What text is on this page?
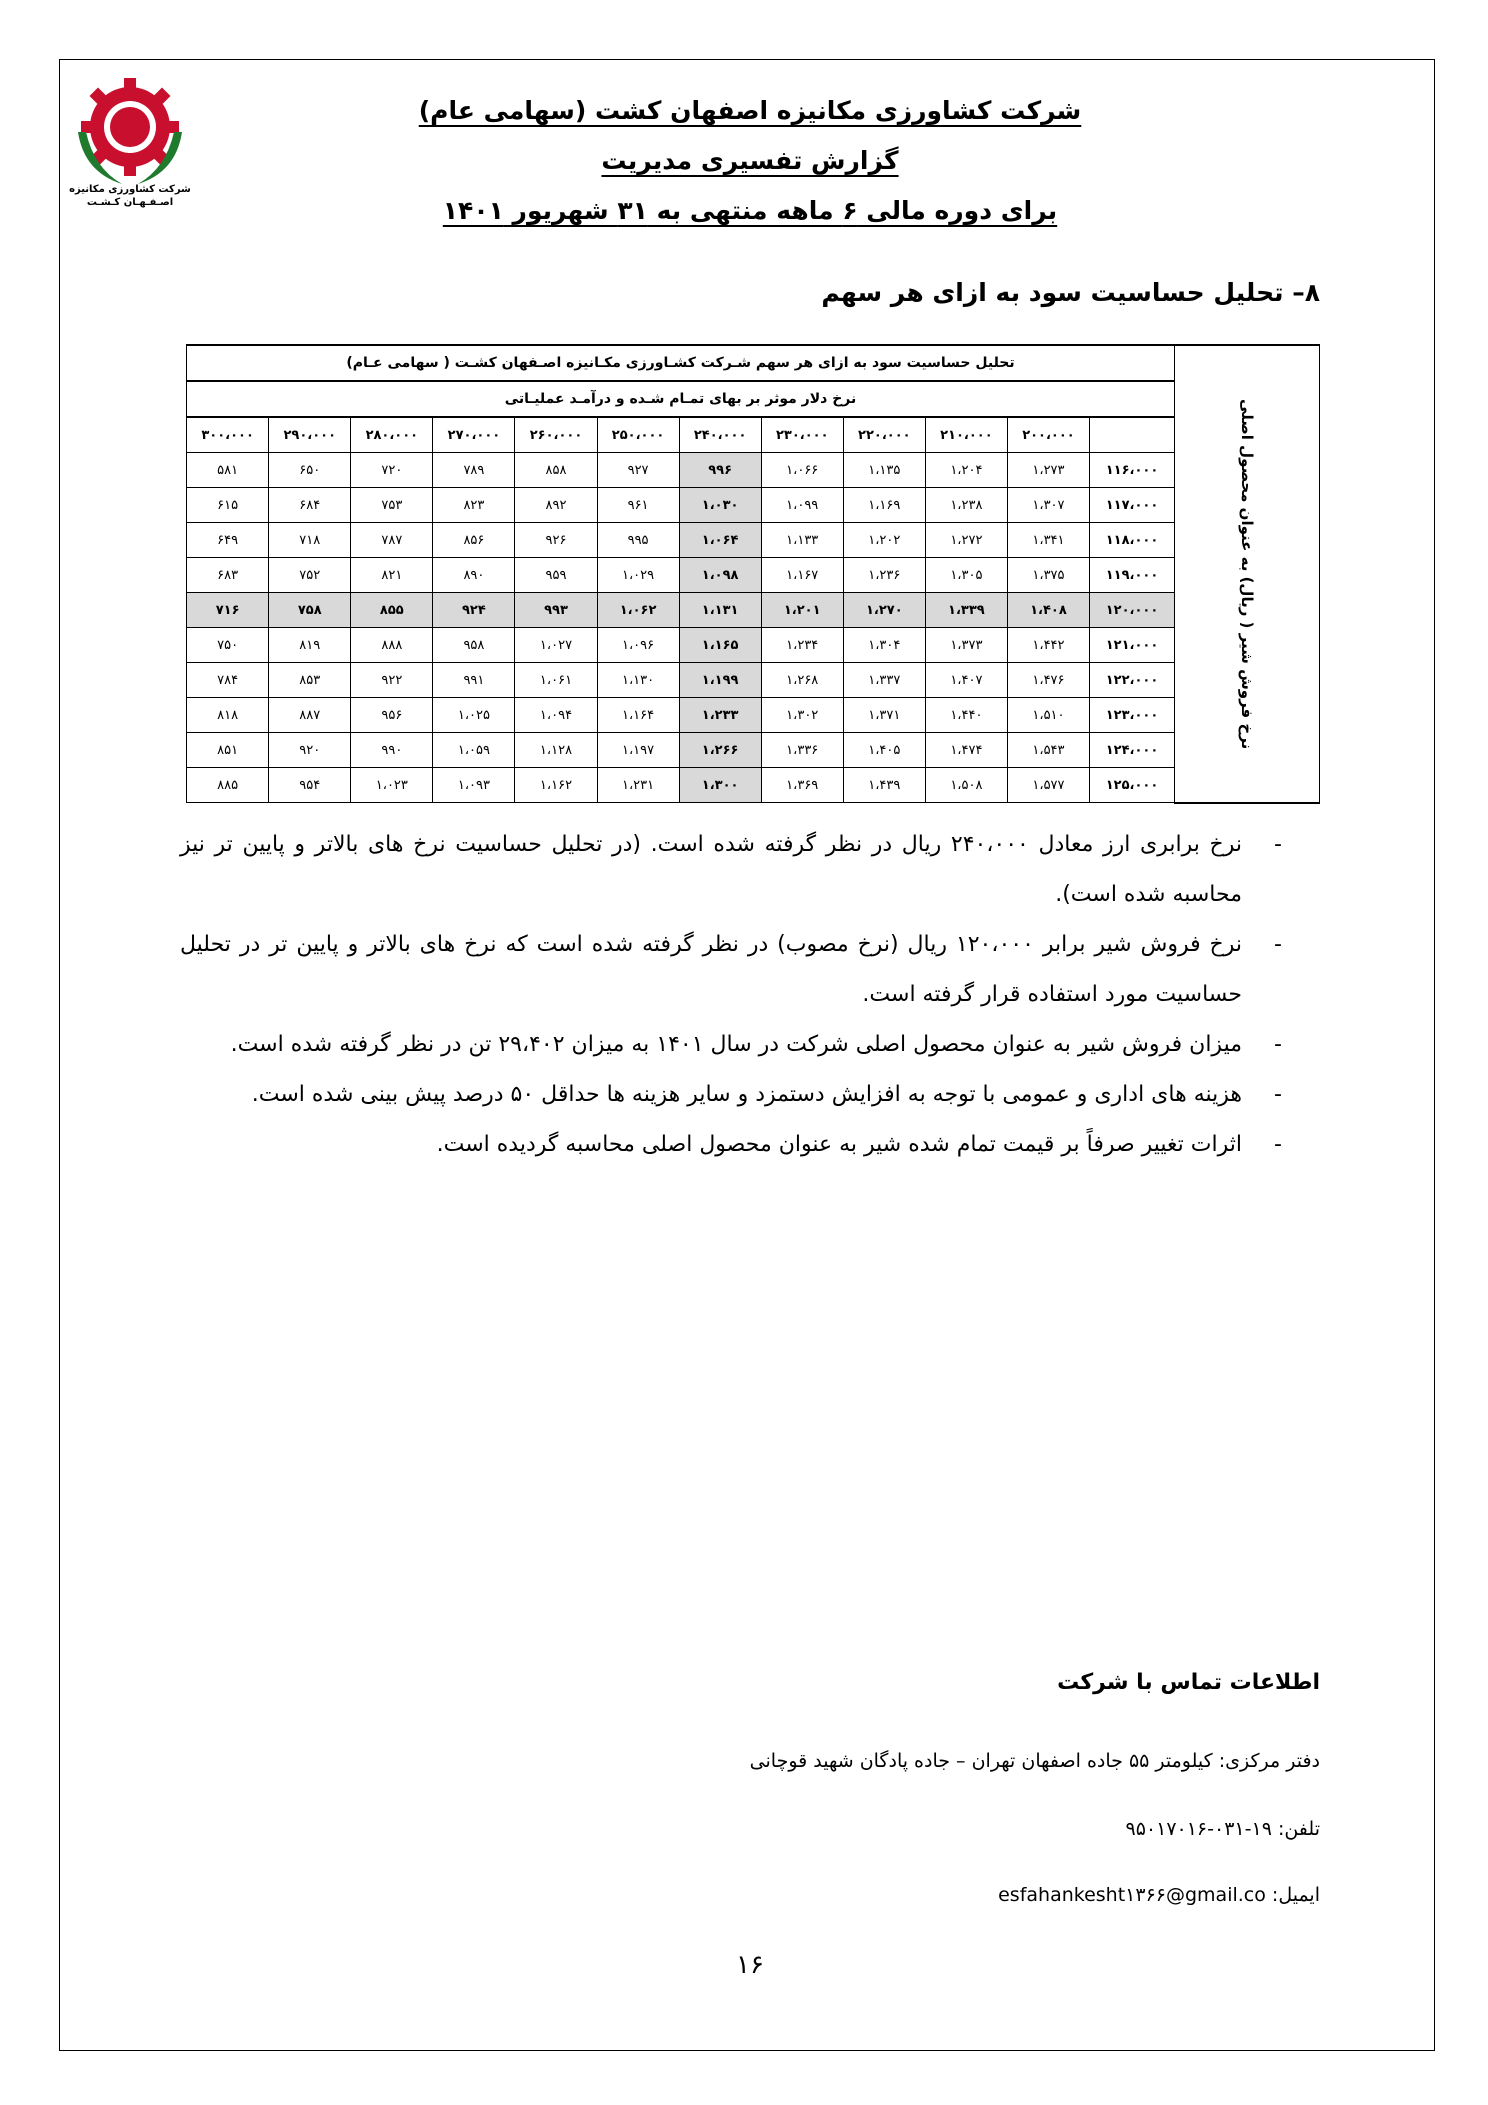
شرکت کشاورزی مکانیزه
اصـفـهـان کـشـت
شرکت کشاورزی مکانیزه اصفهان کشت (سهامی عام)
گزارش تفسیری مدیریت
برای دوره مالی ۶ ماهه منتهی به ۳۱ شهریور ۱۴۰۱
۸– تحلیل حساسیت سود به ازای هر سهم
نرخ فروش شیر ( ریال) به عنوان محصول اصلی	تحلیل حساسیت سود به ازای هر سهم شـرکت کشـاورزی مکـانیزه اصـفهان کشـت ( سهامی عـام)											
	نرخ دلار موثر بر بهای تمـام شـده و درآمـد عملیـاتی											
		۲۰۰،۰۰۰	۲۱۰،۰۰۰	۲۲۰،۰۰۰	۲۳۰،۰۰۰	۲۴۰،۰۰۰	۲۵۰،۰۰۰	۲۶۰،۰۰۰	۲۷۰،۰۰۰	۲۸۰،۰۰۰	۲۹۰،۰۰۰	۳۰۰،۰۰۰
	۱۱۶،۰۰۰	۱،۲۷۳	۱،۲۰۴	۱،۱۳۵	۱،۰۶۶	۹۹۶	۹۲۷	۸۵۸	۷۸۹	۷۲۰	۶۵۰	۵۸۱
	۱۱۷،۰۰۰	۱،۳۰۷	۱،۲۳۸	۱،۱۶۹	۱،۰۹۹	۱،۰۳۰	۹۶۱	۸۹۲	۸۲۳	۷۵۳	۶۸۴	۶۱۵
	۱۱۸،۰۰۰	۱،۳۴۱	۱،۲۷۲	۱،۲۰۲	۱،۱۳۳	۱،۰۶۴	۹۹۵	۹۲۶	۸۵۶	۷۸۷	۷۱۸	۶۴۹
	۱۱۹،۰۰۰	۱،۳۷۵	۱،۳۰۵	۱،۲۳۶	۱،۱۶۷	۱،۰۹۸	۱،۰۲۹	۹۵۹	۸۹۰	۸۲۱	۷۵۲	۶۸۳
	۱۲۰،۰۰۰	۱،۴۰۸	۱،۳۳۹	۱،۲۷۰	۱،۲۰۱	۱،۱۳۱	۱،۰۶۲	۹۹۳	۹۲۴	۸۵۵	۷۵۸	۷۱۶
	۱۲۱،۰۰۰	۱،۴۴۲	۱،۳۷۳	۱،۳۰۴	۱،۲۳۴	۱،۱۶۵	۱،۰۹۶	۱،۰۲۷	۹۵۸	۸۸۸	۸۱۹	۷۵۰
	۱۲۲،۰۰۰	۱،۴۷۶	۱،۴۰۷	۱،۳۳۷	۱،۲۶۸	۱،۱۹۹	۱،۱۳۰	۱،۰۶۱	۹۹۱	۹۲۲	۸۵۳	۷۸۴
	۱۲۳،۰۰۰	۱،۵۱۰	۱،۴۴۰	۱،۳۷۱	۱،۳۰۲	۱،۲۳۳	۱،۱۶۴	۱،۰۹۴	۱،۰۲۵	۹۵۶	۸۸۷	۸۱۸
	۱۲۴،۰۰۰	۱،۵۴۳	۱،۴۷۴	۱،۴۰۵	۱،۳۳۶	۱،۲۶۶	۱،۱۹۷	۱،۱۲۸	۱،۰۵۹	۹۹۰	۹۲۰	۸۵۱
	۱۲۵،۰۰۰	۱،۵۷۷	۱،۵۰۸	۱،۴۳۹	۱،۳۶۹	۱،۳۰۰	۱،۲۳۱	۱،۱۶۲	۱،۰۹۳	۱،۰۲۳	۹۵۴	۸۸۵
- نرخ برابری ارز معادل ۲۴۰،۰۰۰ ریال در نظر گرفته شده است. (در تحلیل حساسیت نرخ های بالاتر و پایین تر نیز محاسبه شده است).
- نرخ فروش شیر برابر ۱۲۰،۰۰۰ ریال (نرخ مصوب) در نظر گرفته شده است که نرخ های بالاتر و پایین تر در تحلیل حساسیت مورد استفاده قرار گرفته است.
- میزان فروش شیر به عنوان محصول اصلی شرکت در سال ۱۴۰۱ به میزان ۲۹،۴۰۲ تن در نظر گرفته شده است.
- هزینه های اداری و عمومی با توجه به افزایش دستمزد و سایر هزینه ها حداقل ۵۰ درصد پیش بینی شده است.
- اثرات تغییر صرفاً بر قیمت تمام شده شیر به عنوان محصول اصلی محاسبه گردیده است.
اطلاعات تماس با شرکت
دفتر مرکزی: کیلومتر ۵۵ جاده اصفهان تهران – جاده پادگان شهید قوچانی
تلفن: ۱۹-۰۳۱-۹۵۰۱۷۰۱۶
ایمیل: esfahankesht۱۳۶۶@gmail.co
۱۶
